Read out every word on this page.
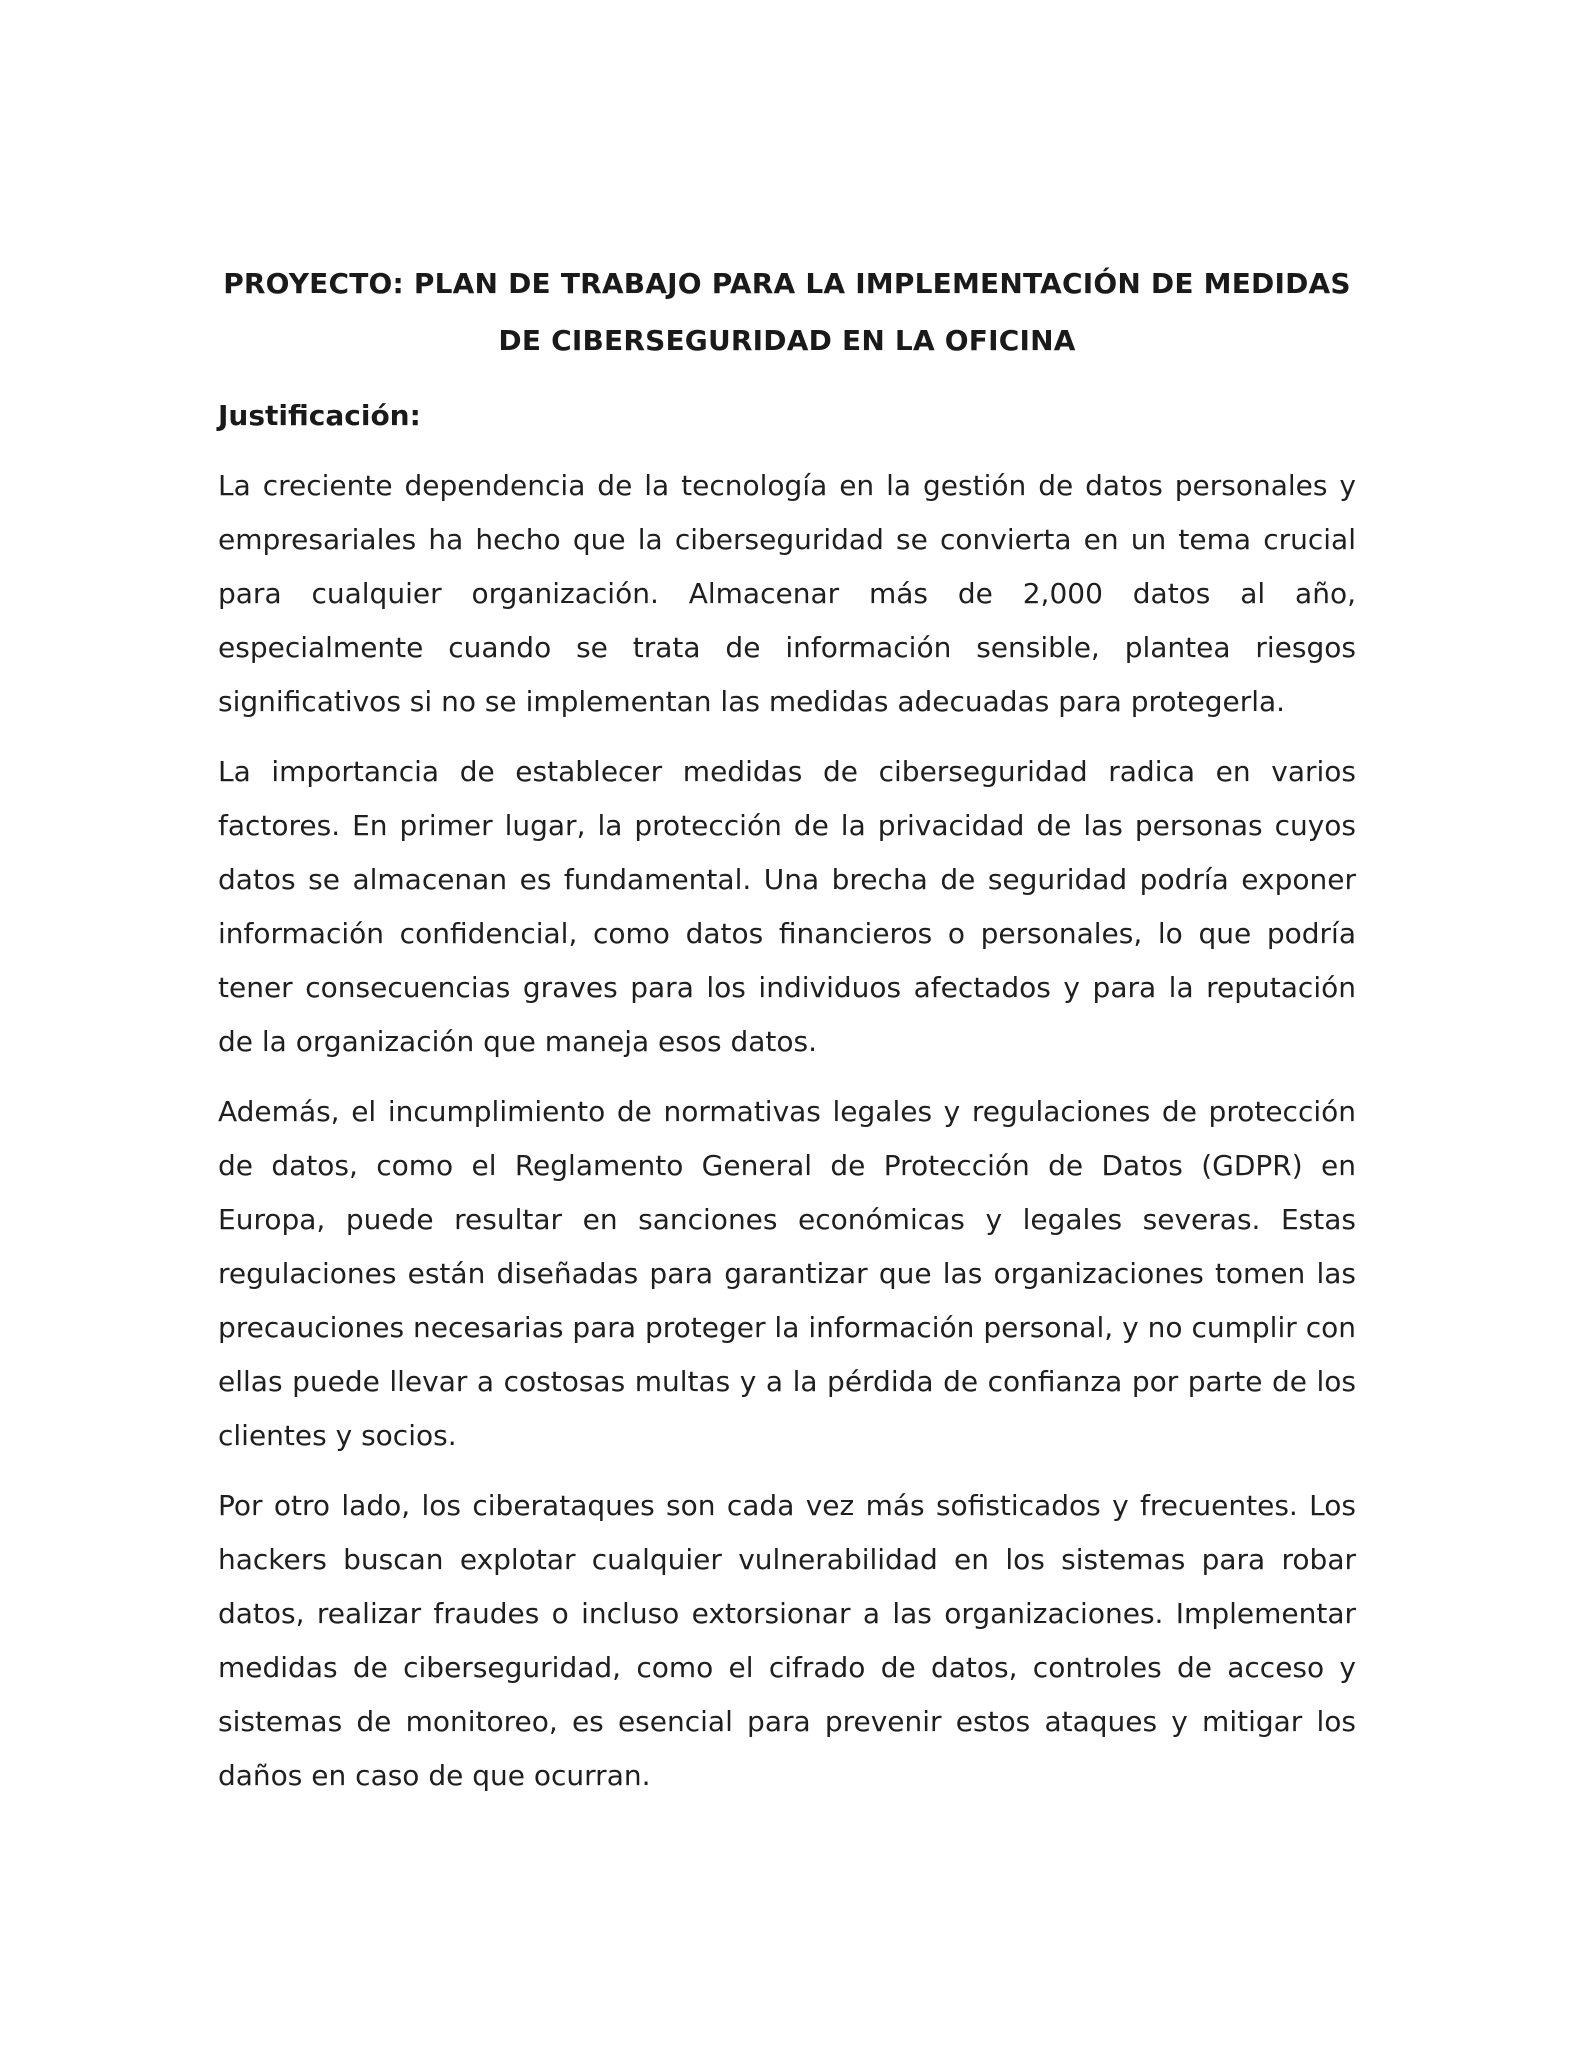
PROYECTO: PLAN DE TRABAJO PARA LA IMPLEMENTACIÓN DE MEDIDAS DE CIBERSEGURIDAD EN LA OFICINA
Justificación:

La creciente dependencia de la tecnología en la gestión de datos personales y empresariales ha hecho que la ciberseguridad se convierta en un tema crucial para cualquier organización. Almacenar más de 2,000 datos al año, especialmente cuando se trata de información sensible, plantea riesgos significativos si no se implementan las medidas adecuadas para protegerla.

La importancia de establecer medidas de ciberseguridad radica en varios factores. En primer lugar, la protección de la privacidad de las personas cuyos datos se almacenan es fundamental. Una brecha de seguridad podría exponer información confidencial, como datos financieros o personales, lo que podría tener consecuencias graves para los individuos afectados y para la reputación de la organización que maneja esos datos.

Además, el incumplimiento de normativas legales y regulaciones de protección de datos, como el Reglamento General de Protección de Datos (GDPR) en Europa, puede resultar en sanciones económicas y legales severas. Estas regulaciones están diseñadas para garantizar que las organizaciones tomen las precauciones necesarias para proteger la información personal, y no cumplir con ellas puede llevar a costosas multas y a la pérdida de confianza por parte de los clientes y socios.

Por otro lado, los ciberataques son cada vez más sofisticados y frecuentes. Los hackers buscan explotar cualquier vulnerabilidad en los sistemas para robar datos, realizar fraudes o incluso extorsionar a las organizaciones. Implementar medidas de ciberseguridad, como el cifrado de datos, controles de acceso y sistemas de monitoreo, es esencial para prevenir estos ataques y mitigar los daños en caso de que ocurran.
